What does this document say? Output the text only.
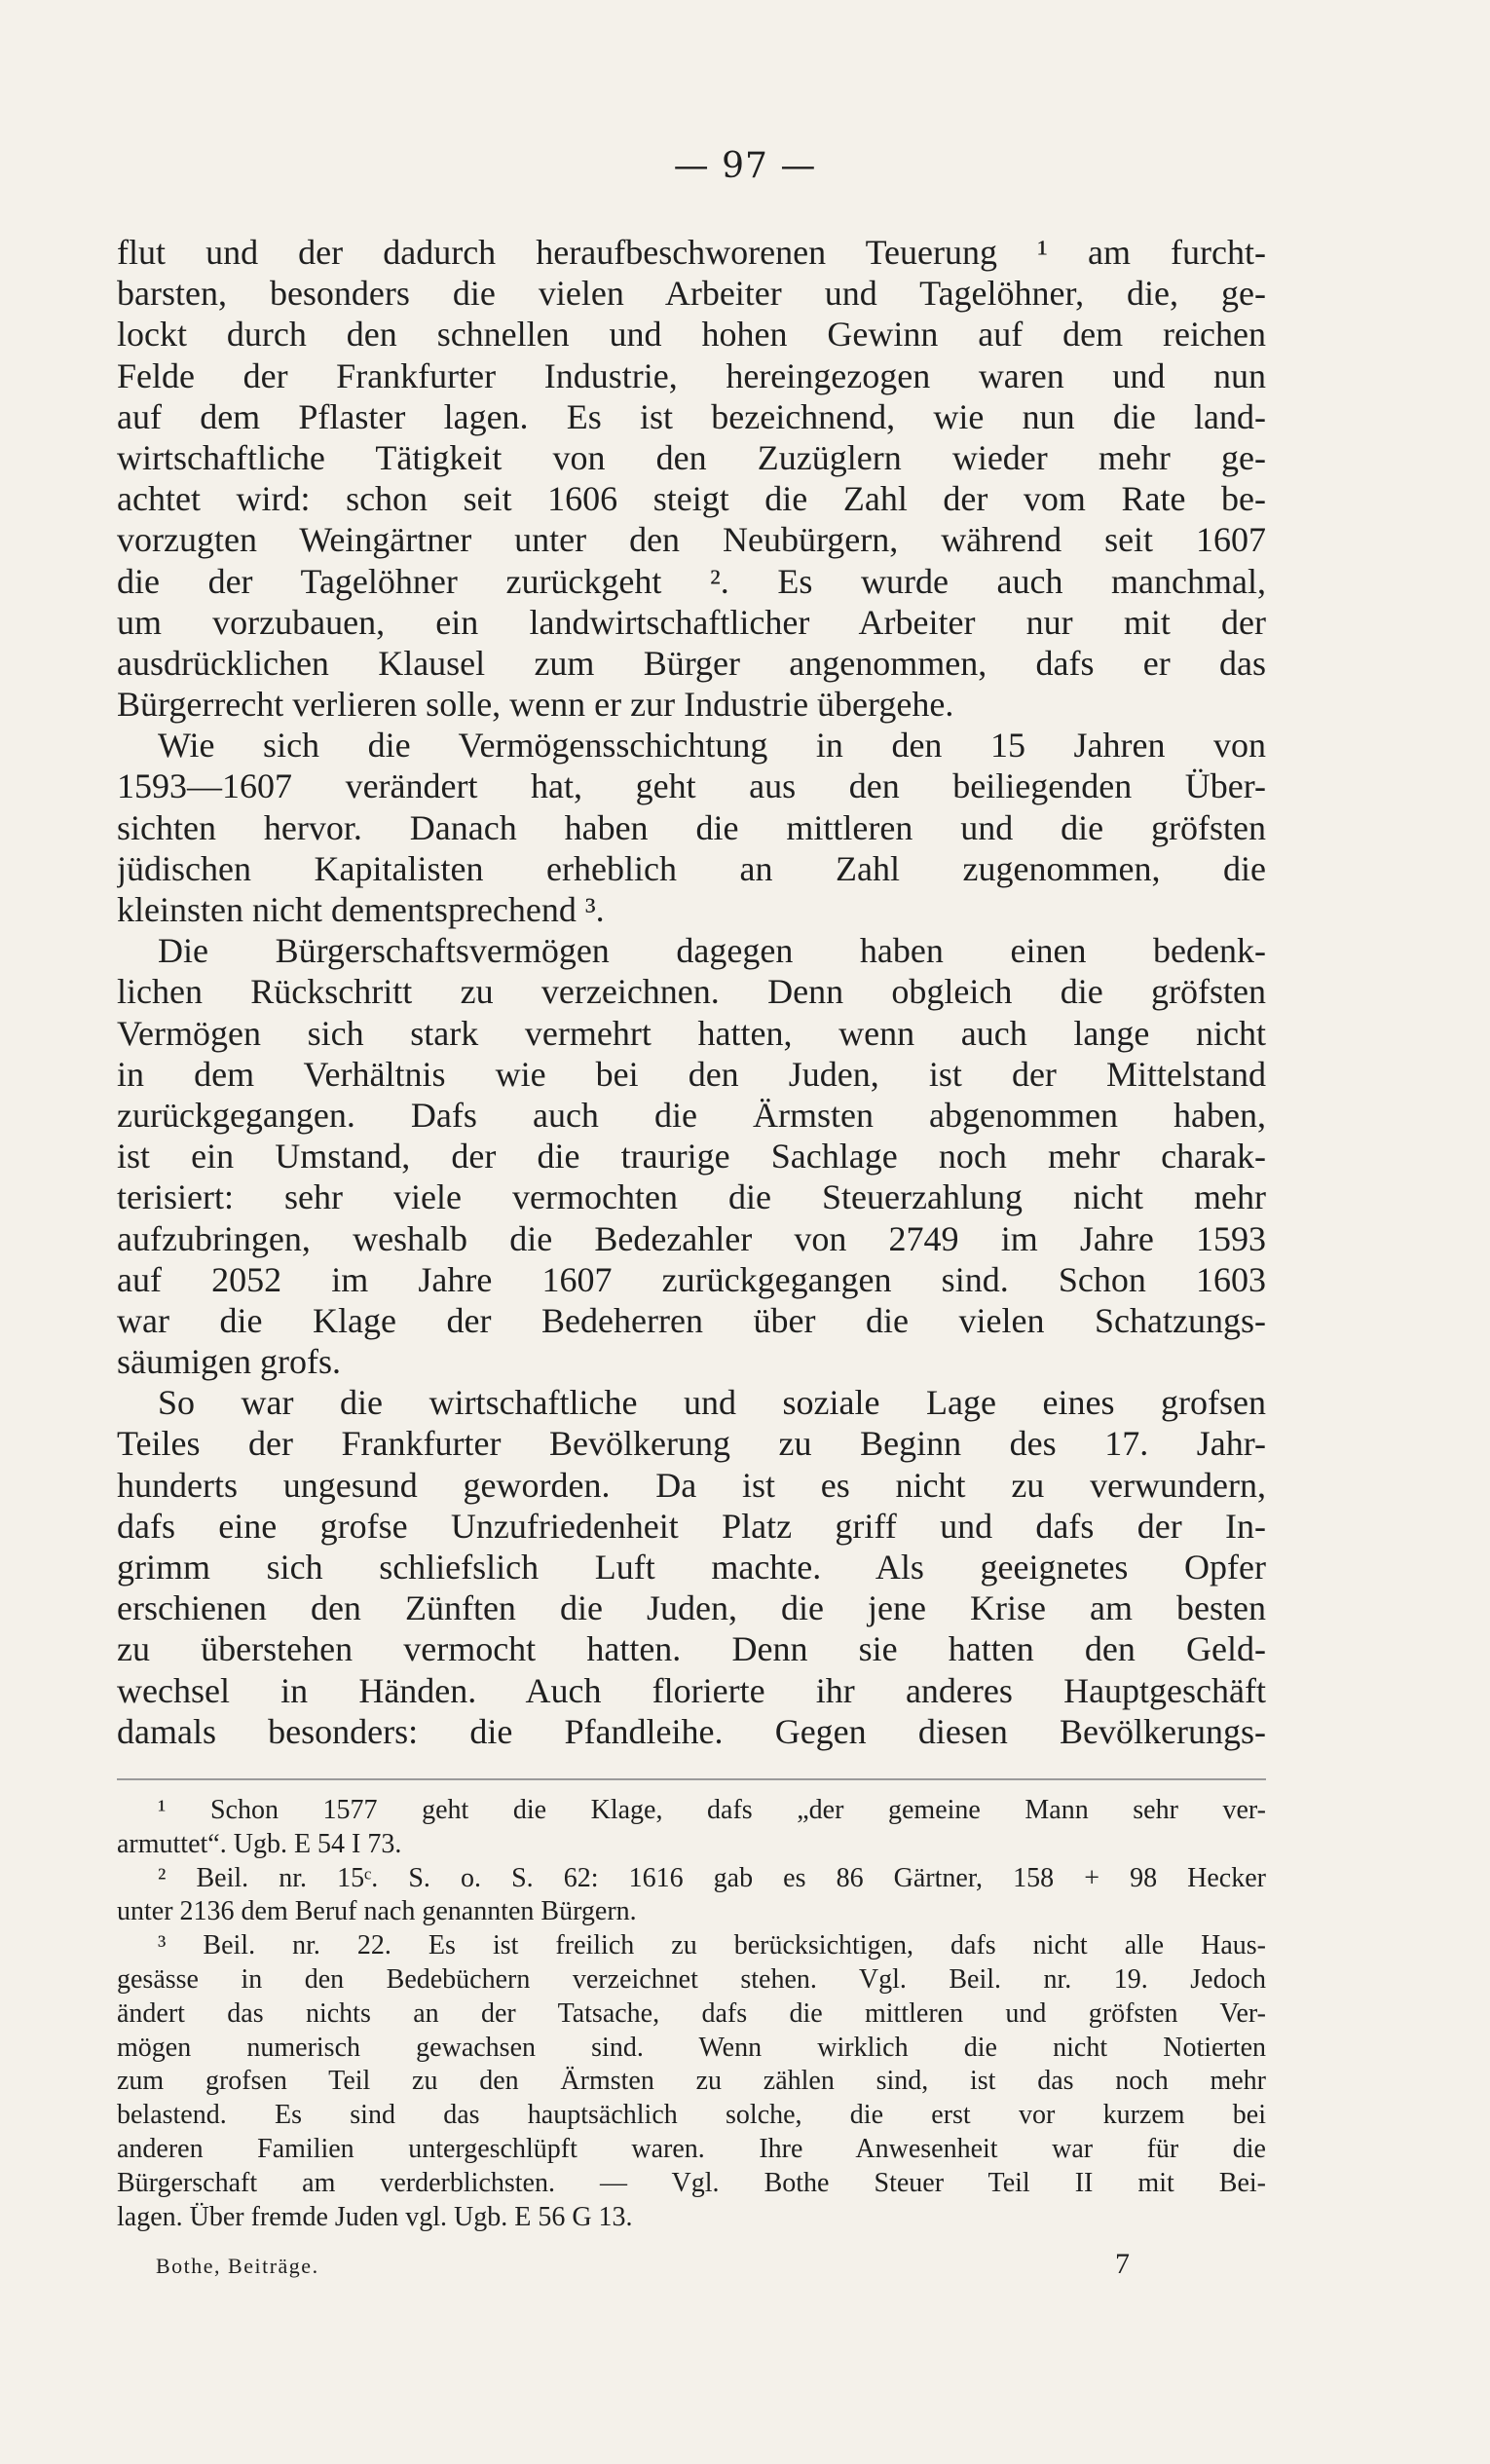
— 97 —
flut und der dadurch heraufbeschworenen Teuerung ¹ am furcht-
barsten, besonders die vielen Arbeiter und Tagelöhner, die, ge-
lockt durch den schnellen und hohen Gewinn auf dem reichen
Felde der Frankfurter Industrie, hereingezogen waren und nun
auf dem Pflaster lagen. Es ist bezeichnend, wie nun die land-
wirtschaftliche Tätigkeit von den Zuzüglern wieder mehr ge-
achtet wird: schon seit 1606 steigt die Zahl der vom Rate be-
vorzugten Weingärtner unter den Neubürgern, während seit 1607
die der Tagelöhner zurückgeht ². Es wurde auch manchmal,
um vorzubauen, ein landwirtschaftlicher Arbeiter nur mit der
ausdrücklichen Klausel zum Bürger angenommen, dafs er das
Bürgerrecht verlieren solle, wenn er zur Industrie übergehe.
Wie sich die Vermögensschichtung in den 15 Jahren von
1593—1607 verändert hat, geht aus den beiliegenden Über-
sichten hervor. Danach haben die mittleren und die gröfsten
jüdischen Kapitalisten erheblich an Zahl zugenommen, die
kleinsten nicht dementsprechend ³.
Die Bürgerschaftsvermögen dagegen haben einen bedenk-
lichen Rückschritt zu verzeichnen. Denn obgleich die gröfsten
Vermögen sich stark vermehrt hatten, wenn auch lange nicht
in dem Verhältnis wie bei den Juden, ist der Mittelstand
zurückgegangen. Dafs auch die Ärmsten abgenommen haben,
ist ein Umstand, der die traurige Sachlage noch mehr charak-
terisiert: sehr viele vermochten die Steuerzahlung nicht mehr
aufzubringen, weshalb die Bedezahler von 2749 im Jahre 1593
auf 2052 im Jahre 1607 zurückgegangen sind. Schon 1603
war die Klage der Bedeherren über die vielen Schatzungs-
säumigen grofs.
So war die wirtschaftliche und soziale Lage eines grofsen
Teiles der Frankfurter Bevölkerung zu Beginn des 17. Jahr-
hunderts ungesund geworden. Da ist es nicht zu verwundern,
dafs eine grofse Unzufriedenheit Platz griff und dafs der In-
grimm sich schliefslich Luft machte. Als geeignetes Opfer
erschienen den Zünften die Juden, die jene Krise am besten
zu überstehen vermocht hatten. Denn sie hatten den Geld-
wechsel in Händen. Auch florierte ihr anderes Hauptgeschäft
damals besonders: die Pfandleihe. Gegen diesen Bevölkerungs-
¹ Schon 1577 geht die Klage, dafs „der gemeine Mann sehr ver-
armuttet“. Ugb. E 54 I 73.
² Beil. nr. 15ᶜ. S. o. S. 62: 1616 gab es 86 Gärtner, 158 + 98 Hecker
unter 2136 dem Beruf nach genannten Bürgern.
³ Beil. nr. 22. Es ist freilich zu berücksichtigen, dafs nicht alle Haus-
gesässe in den Bedebüchern verzeichnet stehen. Vgl. Beil. nr. 19. Jedoch
ändert das nichts an der Tatsache, dafs die mittleren und gröfsten Ver-
mögen numerisch gewachsen sind. Wenn wirklich die nicht Notierten
zum grofsen Teil zu den Ärmsten zu zählen sind, ist das noch mehr
belastend. Es sind das hauptsächlich solche, die erst vor kurzem bei
anderen Familien untergeschlüpft waren. Ihre Anwesenheit war für die
Bürgerschaft am verderblichsten. — Vgl. Bothe Steuer Teil II mit Bei-
lagen. Über fremde Juden vgl. Ugb. E 56 G 13.
Bothe, Beiträge.	7
